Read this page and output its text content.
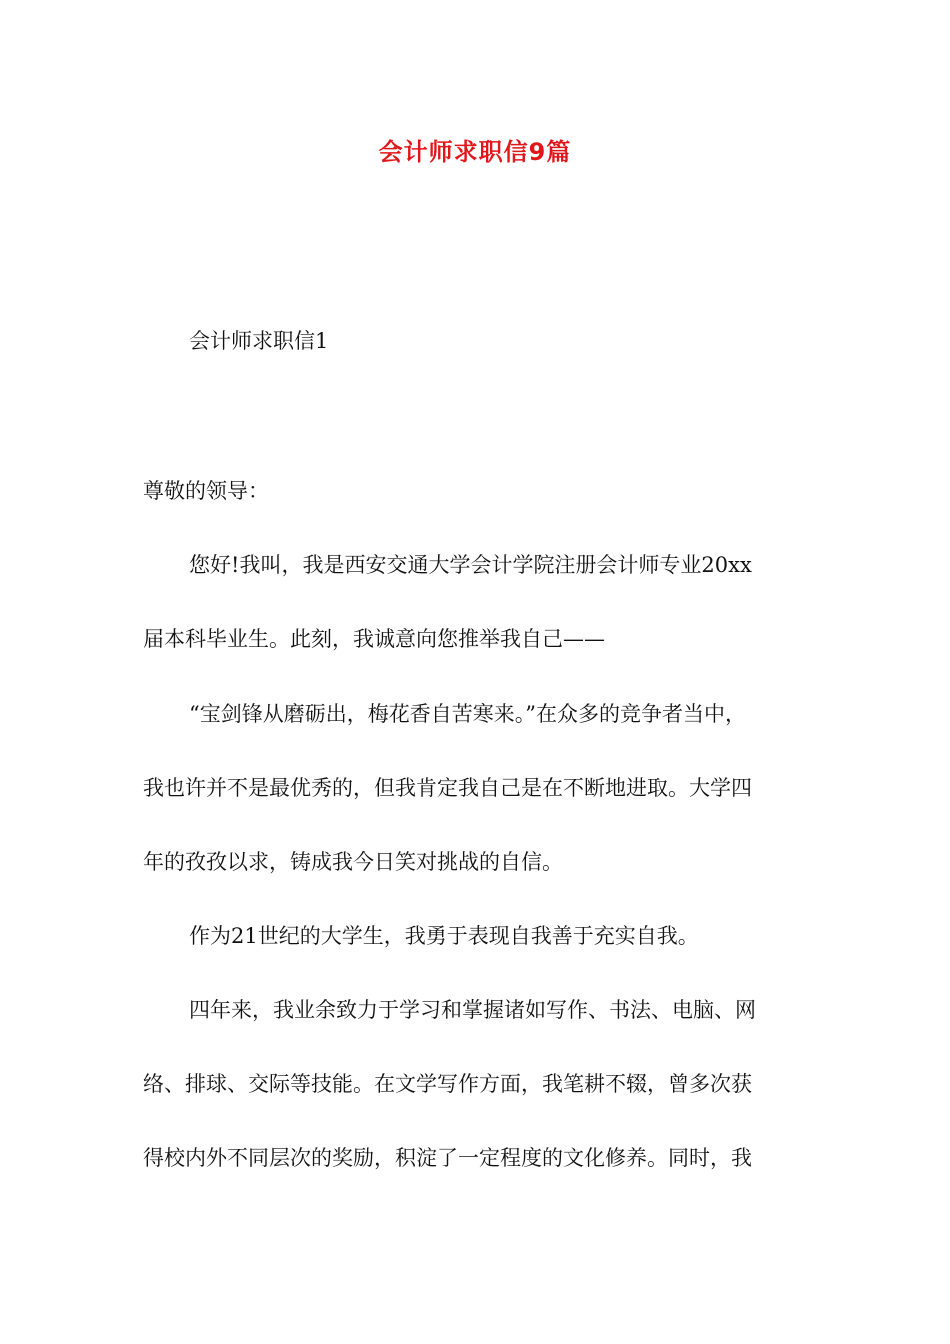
会计师求职信9篇

会计师求职信1

尊敬的领导：

您好!我叫，我是西安交通大学会计学院注册会计师专业20xx

届本科毕业生。此刻，我诚意向您推举我自己——

“宝剑锋从磨砺出，梅花香自苦寒来。”在众多的竞争者当中，

我也许并不是最优秀的，但我肯定我自己是在不断地进取。大学四

年的孜孜以求，铸成我今日笑对挑战的自信。

作为21世纪的大学生，我勇于表现自我善于充实自我。

四年来，我业余致力于学习和掌握诸如写作、书法、电脑、网

络、排球、交际等技能。在文学写作方面，我笔耕不辍，曾多次获

得校内外不同层次的奖励，积淀了一定程度的文化修养。同时，我
